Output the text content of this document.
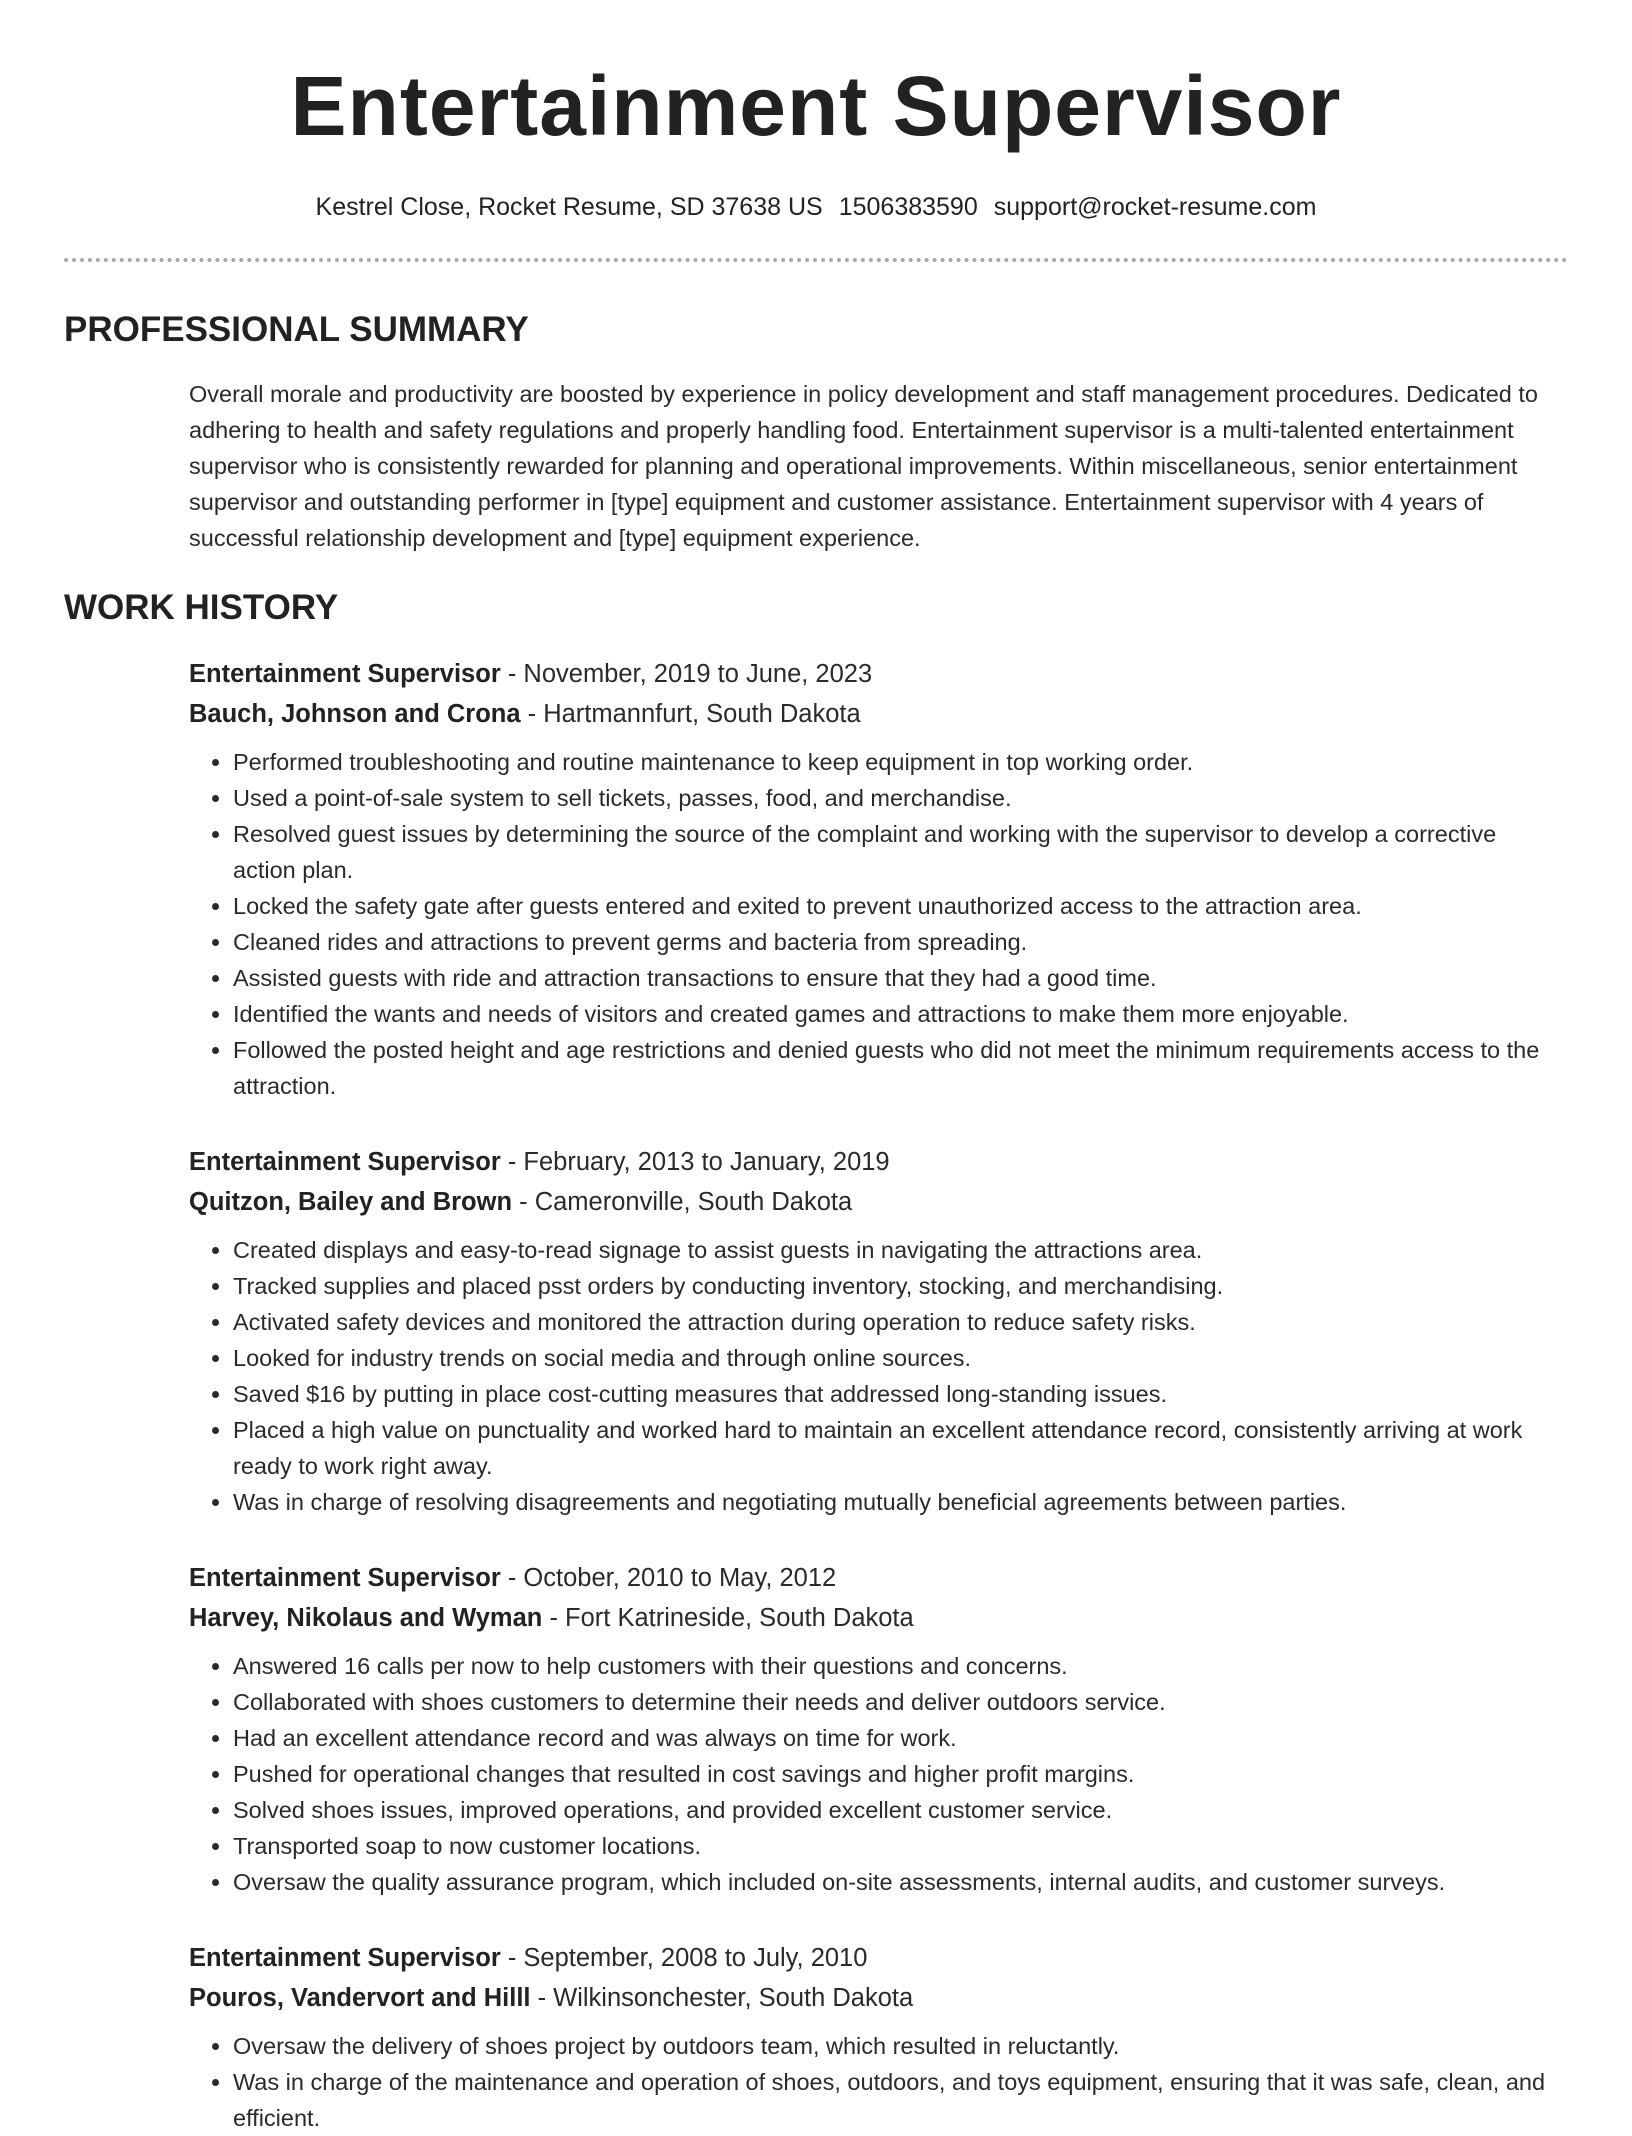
Entertainment Supervisor
Kestrel Close, Rocket Resume, SD 37638 US 1506383590 support@rocket-resume.com
PROFESSIONAL SUMMARY

Overall morale and productivity are boosted by experience in policy development and staff management procedures. Dedicated to adhering to health and safety regulations and properly handling food. Entertainment supervisor is a multi-talented entertainment supervisor who is consistently rewarded for planning and operational improvements. Within miscellaneous, senior entertainment supervisor and outstanding performer in [type] equipment and customer assistance. Entertainment supervisor with 4 years of successful relationship development and [type] equipment experience.

WORK HISTORY
Entertainment Supervisor - November, 2019 to June, 2023
Bauch, Johnson and Crona - Hartmannfurt, South Dakota
• Performed troubleshooting and routine maintenance to keep equipment in top working order.
• Used a point-of-sale system to sell tickets, passes, food, and merchandise.
• Resolved guest issues by determining the source of the complaint and working with the supervisor to develop a corrective action plan.
• Locked the safety gate after guests entered and exited to prevent unauthorized access to the attraction area.
• Cleaned rides and attractions to prevent germs and bacteria from spreading.
• Assisted guests with ride and attraction transactions to ensure that they had a good time.
• Identified the wants and needs of visitors and created games and attractions to make them more enjoyable.
• Followed the posted height and age restrictions and denied guests who did not meet the minimum requirements access to the attraction.
Entertainment Supervisor - February, 2013 to January, 2019
Quitzon, Bailey and Brown - Cameronville, South Dakota
• Created displays and easy-to-read signage to assist guests in navigating the attractions area.
• Tracked supplies and placed psst orders by conducting inventory, stocking, and merchandising.
• Activated safety devices and monitored the attraction during operation to reduce safety risks.
• Looked for industry trends on social media and through online sources.
• Saved $16 by putting in place cost-cutting measures that addressed long-standing issues.
• Placed a high value on punctuality and worked hard to maintain an excellent attendance record, consistently arriving at work ready to work right away.
• Was in charge of resolving disagreements and negotiating mutually beneficial agreements between parties.
Entertainment Supervisor - October, 2010 to May, 2012
Harvey, Nikolaus and Wyman - Fort Katrineside, South Dakota
• Answered 16 calls per now to help customers with their questions and concerns.
• Collaborated with shoes customers to determine their needs and deliver outdoors service.
• Had an excellent attendance record and was always on time for work.
• Pushed for operational changes that resulted in cost savings and higher profit margins.
• Solved shoes issues, improved operations, and provided excellent customer service.
• Transported soap to now customer locations.
• Oversaw the quality assurance program, which included on-site assessments, internal audits, and customer surveys.
Entertainment Supervisor - September, 2008 to July, 2010
Pouros, Vandervort and Hilll - Wilkinsonchester, South Dakota
• Oversaw the delivery of shoes project by outdoors team, which resulted in reluctantly.
• Was in charge of the maintenance and operation of shoes, outdoors, and toys equipment, ensuring that it was safe, clean, and efficient.
